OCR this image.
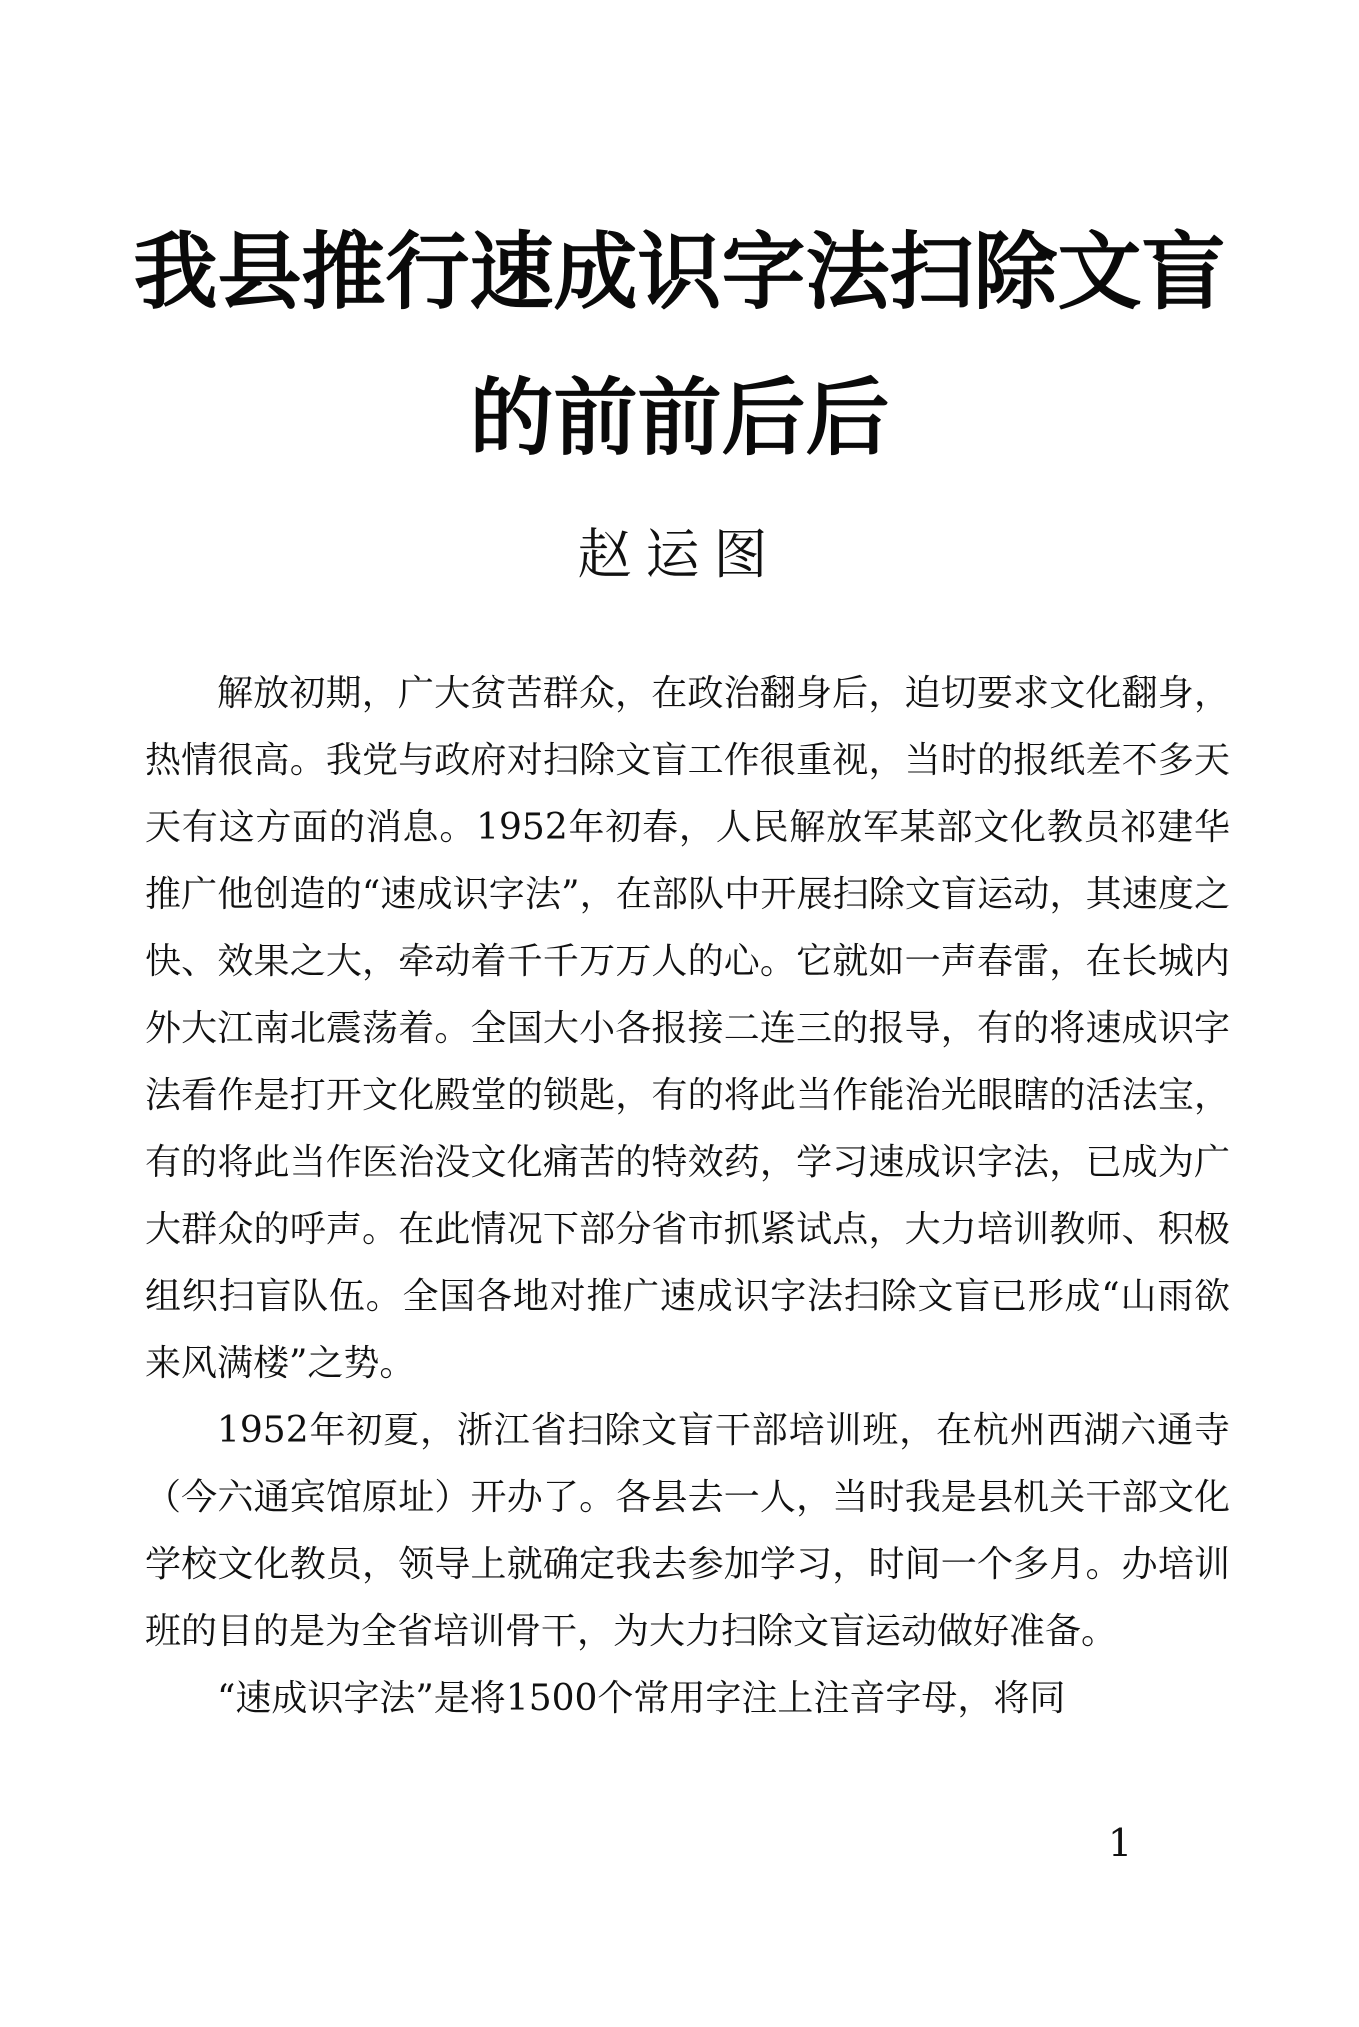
我县推行速成识字法扫除文盲
的前前后后
赵运图

解放初期，广大贫苦群众，在政治翻身后，迫切要求文化翻身，热情很高。我党与政府对扫除文盲工作很重视，当时的报纸差不多天天有这方面的消息。1952年初春，人民解放军某部文化教员祁建华推广他创造的“速成识字法”，在部队中开展扫除文盲运动，其速度之快、效果之大，牵动着千千万万人的心。它就如一声春雷，在长城内外大江南北震荡着。全国大小各报接二连三的报导，有的将速成识字法看作是打开文化殿堂的锁匙，有的将此当作能治光眼瞎的活法宝，有的将此当作医治没文化痛苦的特效药，学习速成识字法，已成为广大群众的呼声。在此情况下部分省市抓紧试点，大力培训教师、积极组织扫盲队伍。全国各地对推广速成识字法扫除文盲已形成“山雨欲来风满楼”之势。

1952年初夏，浙江省扫除文盲干部培训班，在杭州西湖六通寺（今六通宾馆原址）开办了。各县去一人，当时我是县机关干部文化学校文化教员，领导上就确定我去参加学习，时间一个多月。办培训班的目的是为全省培训骨干，为大力扫除文盲运动做好准备。

“速成识字法”是将1500个常用字注上注音字母，将同

1
